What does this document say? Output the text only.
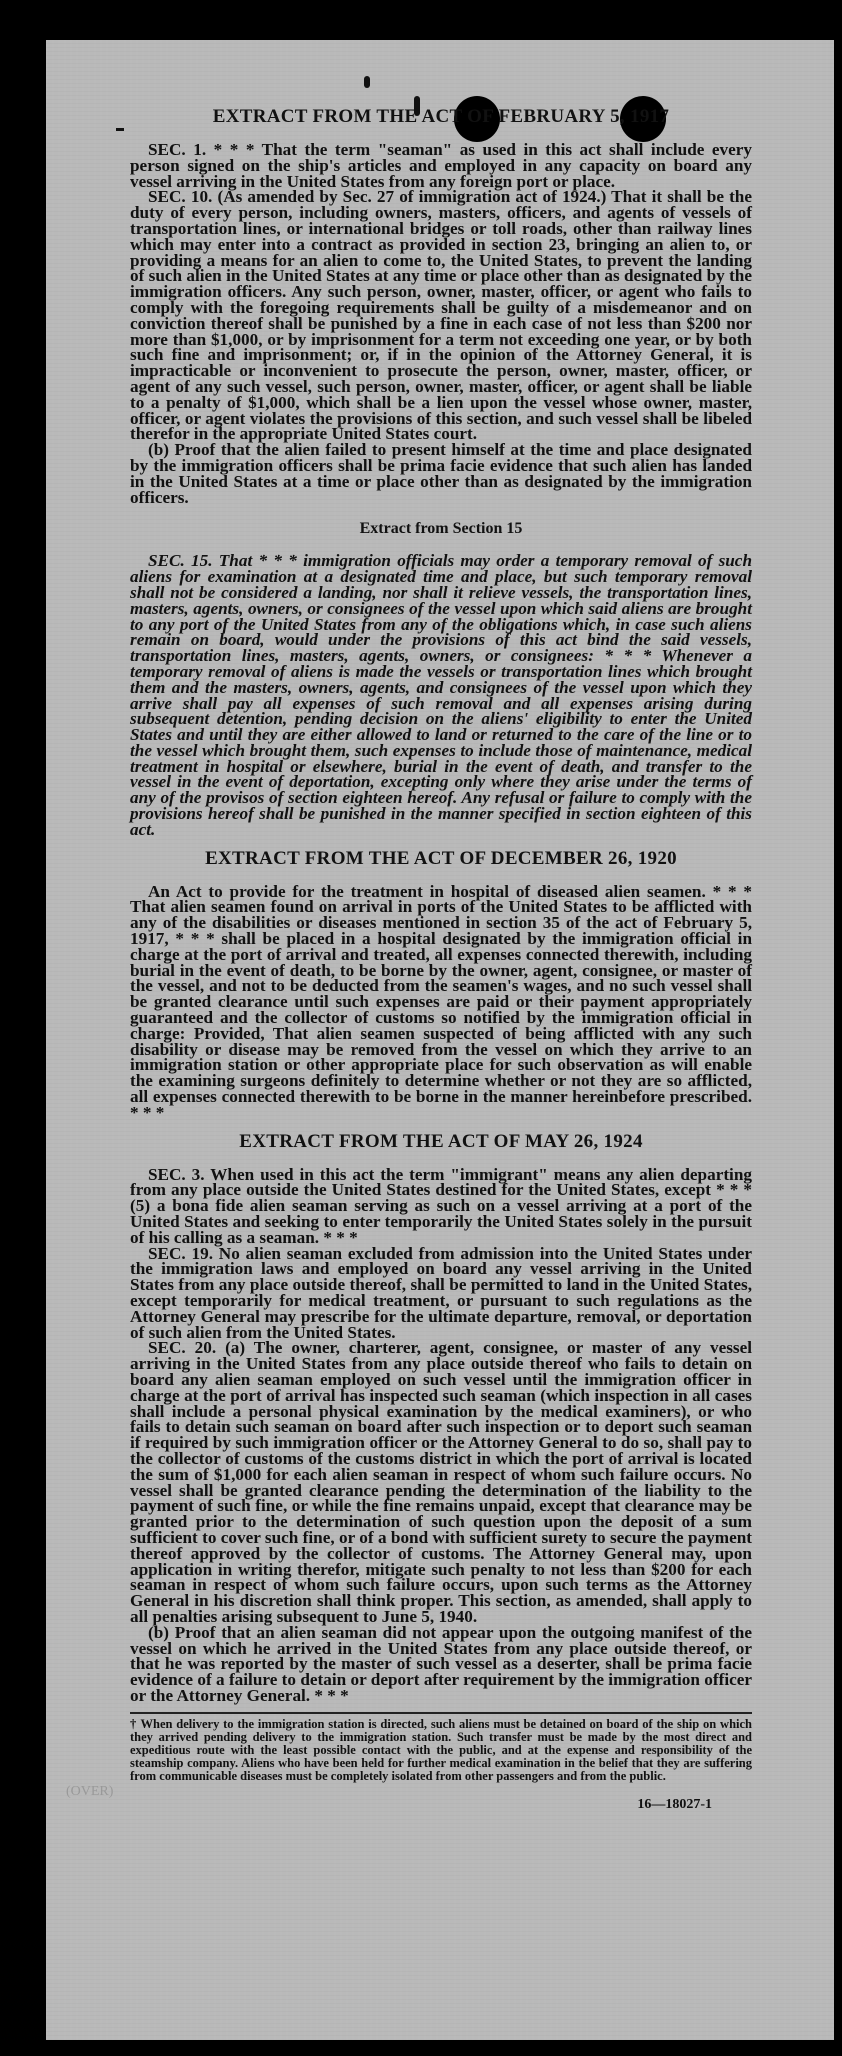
EXTRACT FROM THE ACT OF FEBRUARY 5, 1917

SEC. 1. * * * That the term "seaman" as used in this act shall include every person signed on the ship's articles and employed in any capacity on board any vessel arriving in the United States from any foreign port or place.

SEC. 10. (As amended by Sec. 27 of immigration act of 1924.) That it shall be the duty of every person, including owners, masters, officers, and agents of vessels of transportation lines, or international bridges or toll roads, other than railway lines which may enter into a contract as provided in section 23, bringing an alien to, or providing a means for an alien to come to, the United States, to prevent the landing of such alien in the United States at any time or place other than as designated by the immigration officers. Any such person, owner, master, officer, or agent who fails to comply with the foregoing requirements shall be guilty of a misdemeanor and on conviction thereof shall be punished by a fine in each case of not less than $200 nor more than $1,000, or by imprisonment for a term not exceeding one year, or by both such fine and imprisonment; or, if in the opinion of the Attorney General, it is impracticable or inconvenient to prosecute the person, owner, master, officer, or agent of any such vessel, such person, owner, master, officer, or agent shall be liable to a penalty of $1,000, which shall be a lien upon the vessel whose owner, master, officer, or agent violates the provisions of this section, and such vessel shall be libeled therefor in the appropriate United States court.

(b) Proof that the alien failed to present himself at the time and place designated by the immigration officers shall be prima facie evidence that such alien has landed in the United States at a time or place other than as designated by the immigration officers.

Extract from Section 15

SEC. 15. That * * * immigration officials may order a temporary removal of such aliens for examination at a designated time and place, but such temporary removal shall not be considered a landing, nor shall it relieve vessels, the transportation lines, masters, agents, owners, or consignees of the vessel upon which said aliens are brought to any port of the United States from any of the obligations which, in case such aliens remain on board, would under the provisions of this act bind the said vessels, transportation lines, masters, agents, owners, or consignees: * * * Whenever a temporary removal of aliens is made the vessels or transportation lines which brought them and the masters, owners, agents, and consignees of the vessel upon which they arrive shall pay all expenses of such removal and all expenses arising during subsequent detention, pending decision on the aliens' eligibility to enter the United States and until they are either allowed to land or returned to the care of the line or to the vessel which brought them, such expenses to include those of maintenance, medical treatment in hospital or elsewhere, burial in the event of death, and transfer to the vessel in the event of deportation, excepting only where they arise under the terms of any of the provisos of section eighteen hereof. Any refusal or failure to comply with the provisions hereof shall be punished in the manner specified in section eighteen of this act.

EXTRACT FROM THE ACT OF DECEMBER 26, 1920

An Act to provide for the treatment in hospital of diseased alien seamen. * * * That alien seamen found on arrival in ports of the United States to be afflicted with any of the disabilities or diseases mentioned in section 35 of the act of February 5, 1917, * * * shall be placed in a hospital designated by the immigration official in charge at the port of arrival and treated, all expenses connected therewith, including burial in the event of death, to be borne by the owner, agent, consignee, or master of the vessel, and not to be deducted from the seamen's wages, and no such vessel shall be granted clearance until such expenses are paid or their payment appropriately guaranteed and the collector of customs so notified by the immigration official in charge: Provided, That alien seamen suspected of being afflicted with any such disability or disease may be removed from the vessel on which they arrive to an immigration station or other appropriate place for such observation as will enable the examining surgeons definitely to determine whether or not they are so afflicted, all expenses connected therewith to be borne in the manner hereinbefore prescribed. * * *

EXTRACT FROM THE ACT OF MAY 26, 1924

SEC. 3. When used in this act the term "immigrant" means any alien departing from any place outside the United States destined for the United States, except * * * (5) a bona fide alien seaman serving as such on a vessel arriving at a port of the United States and seeking to enter temporarily the United States solely in the pursuit of his calling as a seaman. * * *

SEC. 19. No alien seaman excluded from admission into the United States under the immigration laws and employed on board any vessel arriving in the United States from any place outside thereof, shall be permitted to land in the United States, except temporarily for medical treatment, or pursuant to such regulations as the Attorney General may prescribe for the ultimate departure, removal, or deportation of such alien from the United States.

SEC. 20. (a) The owner, charterer, agent, consignee, or master of any vessel arriving in the United States from any place outside thereof who fails to detain on board any alien seaman employed on such vessel until the immigration officer in charge at the port of arrival has inspected such seaman (which inspection in all cases shall include a personal physical examination by the medical examiners), or who fails to detain such seaman on board after such inspection or to deport such seaman if required by such immigration officer or the Attorney General to do so, shall pay to the collector of customs of the customs district in which the port of arrival is located the sum of $1,000 for each alien seaman in respect of whom such failure occurs. No vessel shall be granted clearance pending the determination of the liability to the payment of such fine, or while the fine remains unpaid, except that clearance may be granted prior to the determination of such question upon the deposit of a sum sufficient to cover such fine, or of a bond with sufficient surety to secure the payment thereof approved by the collector of customs. The Attorney General may, upon application in writing therefor, mitigate such penalty to not less than $200 for each seaman in respect of whom such failure occurs, upon such terms as the Attorney General in his discretion shall think proper. This section, as amended, shall apply to all penalties arising subsequent to June 5, 1940.

(b) Proof that an alien seaman did not appear upon the outgoing manifest of the vessel on which he arrived in the United States from any place outside thereof, or that he was reported by the master of such vessel as a deserter, shall be prima facie evidence of a failure to detain or deport after requirement by the immigration officer or the Attorney General. * * *

† When delivery to the immigration station is directed, such aliens must be detained on board of the ship on which they arrived pending delivery to the immigration station. Such transfer must be made by the most direct and expeditious route with the least possible contact with the public, and at the expense and responsibility of the steamship company. Aliens who have been held for further medical examination in the belief that they are suffering from communicable diseases must be completely isolated from other passengers and from the public.
16—18027-1
(OVER)
